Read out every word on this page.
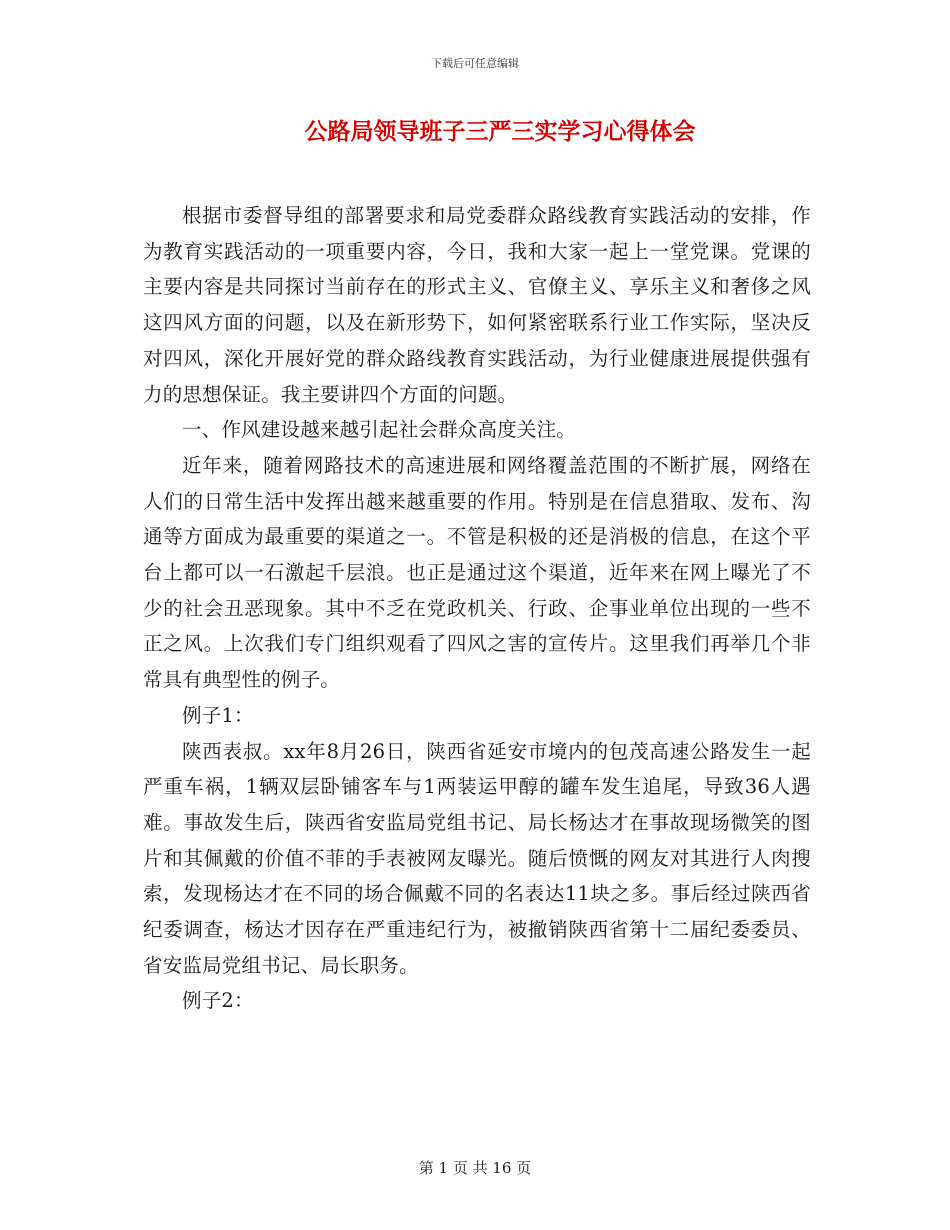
下载后可任意编辑
公路局领导班子三严三实学习心得体会

根据市委督导组的部署要求和局党委群众路线教育实践活动的安排，作为教育实践活动的一项重要内容，今日，我和大家一起上一堂党课。党课的主要内容是共同探讨当前存在的形式主义、官僚主义、享乐主义和奢侈之风这四风方面的问题，以及在新形势下，如何紧密联系行业工作实际，坚决反对四风，深化开展好党的群众路线教育实践活动，为行业健康进展提供强有力的思想保证。我主要讲四个方面的问题。

一、作风建设越来越引起社会群众高度关注。

近年来，随着网路技术的高速进展和网络覆盖范围的不断扩展，网络在人们的日常生活中发挥出越来越重要的作用。特别是在信息猎取、发布、沟通等方面成为最重要的渠道之一。不管是积极的还是消极的信息，在这个平台上都可以一石激起千层浪。也正是通过这个渠道，近年来在网上曝光了不少的社会丑恶现象。其中不乏在党政机关、行政、企事业单位出现的一些不正之风。上次我们专门组织观看了四风之害的宣传片。这里我们再举几个非常具有典型性的例子。

例子1：

陕西表叔。xx年8月26日，陕西省延安市境内的包茂高速公路发生一起严重车祸，1辆双层卧铺客车与1两装运甲醇的罐车发生追尾，导致36人遇难。事故发生后，陕西省安监局党组书记、局长杨达才在事故现场微笑的图片和其佩戴的价值不菲的手表被网友曝光。随后愤慨的网友对其进行人肉搜索，发现杨达才在不同的场合佩戴不同的名表达11块之多。事后经过陕西省纪委调查，杨达才因存在严重违纪行为，被撤销陕西省第十二届纪委委员、省安监局党组书记、局长职务。

例子2：

第 1 页 共 16 页
